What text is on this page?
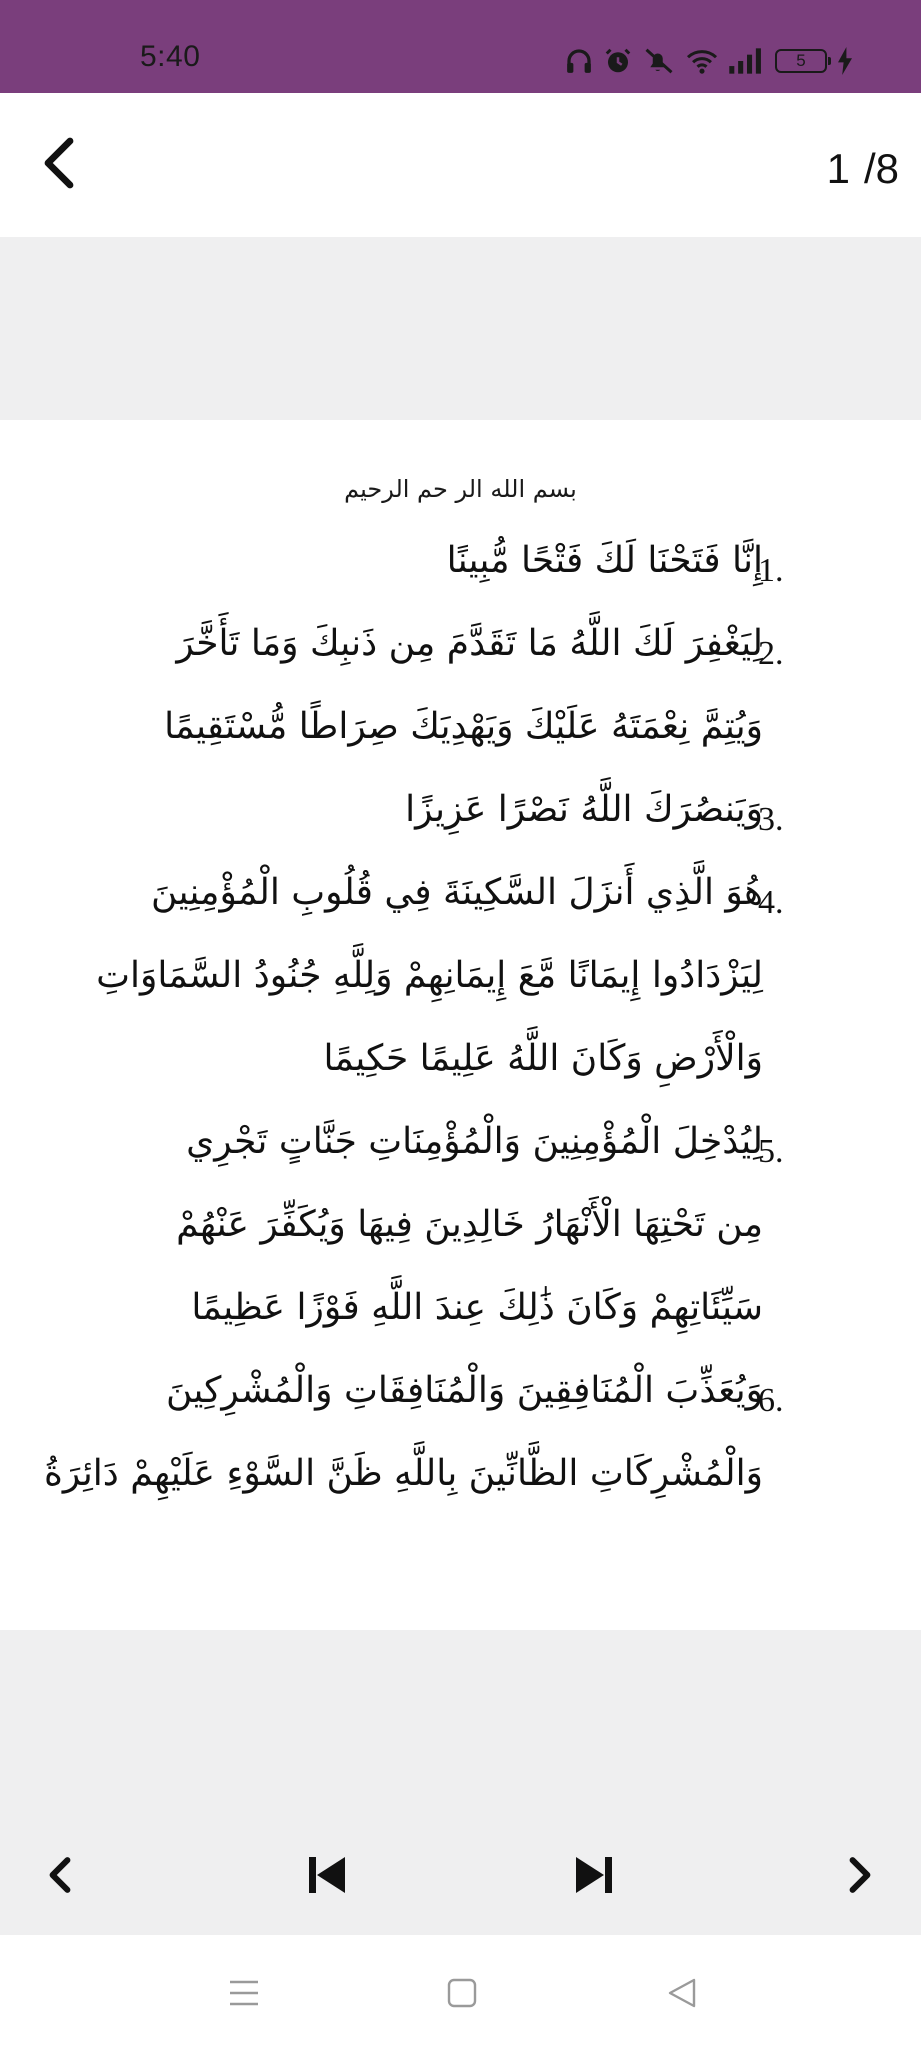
5:40	5
1 /8
بسم الله الر حم الرحيم
1.
إِنَّا فَتَحْنَا لَكَ فَتْحًا مُّبِينًا
2.
لِيَغْفِرَ لَكَ اللَّهُ مَا تَقَدَّمَ مِن ذَنبِكَ وَمَا تَأَخَّرَ
وَيُتِمَّ نِعْمَتَهُ عَلَيْكَ وَيَهْدِيَكَ صِرَاطًا مُّسْتَقِيمًا
3.
وَيَنصُرَكَ اللَّهُ نَصْرًا عَزِيزًا
4.
هُوَ الَّذِي أَنزَلَ السَّكِينَةَ فِي قُلُوبِ الْمُؤْمِنِينَ
لِيَزْدَادُوا إِيمَانًا مَّعَ إِيمَانِهِمْ وَلِلَّهِ جُنُودُ السَّمَاوَاتِ
وَالْأَرْضِ وَكَانَ اللَّهُ عَلِيمًا حَكِيمًا
5.
لِيُدْخِلَ الْمُؤْمِنِينَ وَالْمُؤْمِنَاتِ جَنَّاتٍ تَجْرِي
مِن تَحْتِهَا الْأَنْهَارُ خَالِدِينَ فِيهَا وَيُكَفِّرَ عَنْهُمْ
سَيِّئَاتِهِمْ وَكَانَ ذَٰلِكَ عِندَ اللَّهِ فَوْزًا عَظِيمًا
6.
وَيُعَذِّبَ الْمُنَافِقِينَ وَالْمُنَافِقَاتِ وَالْمُشْرِكِينَ
وَالْمُشْرِكَاتِ الظَّانِّينَ بِاللَّهِ ظَنَّ السَّوْءِ عَلَيْهِمْ دَائِرَةُ
